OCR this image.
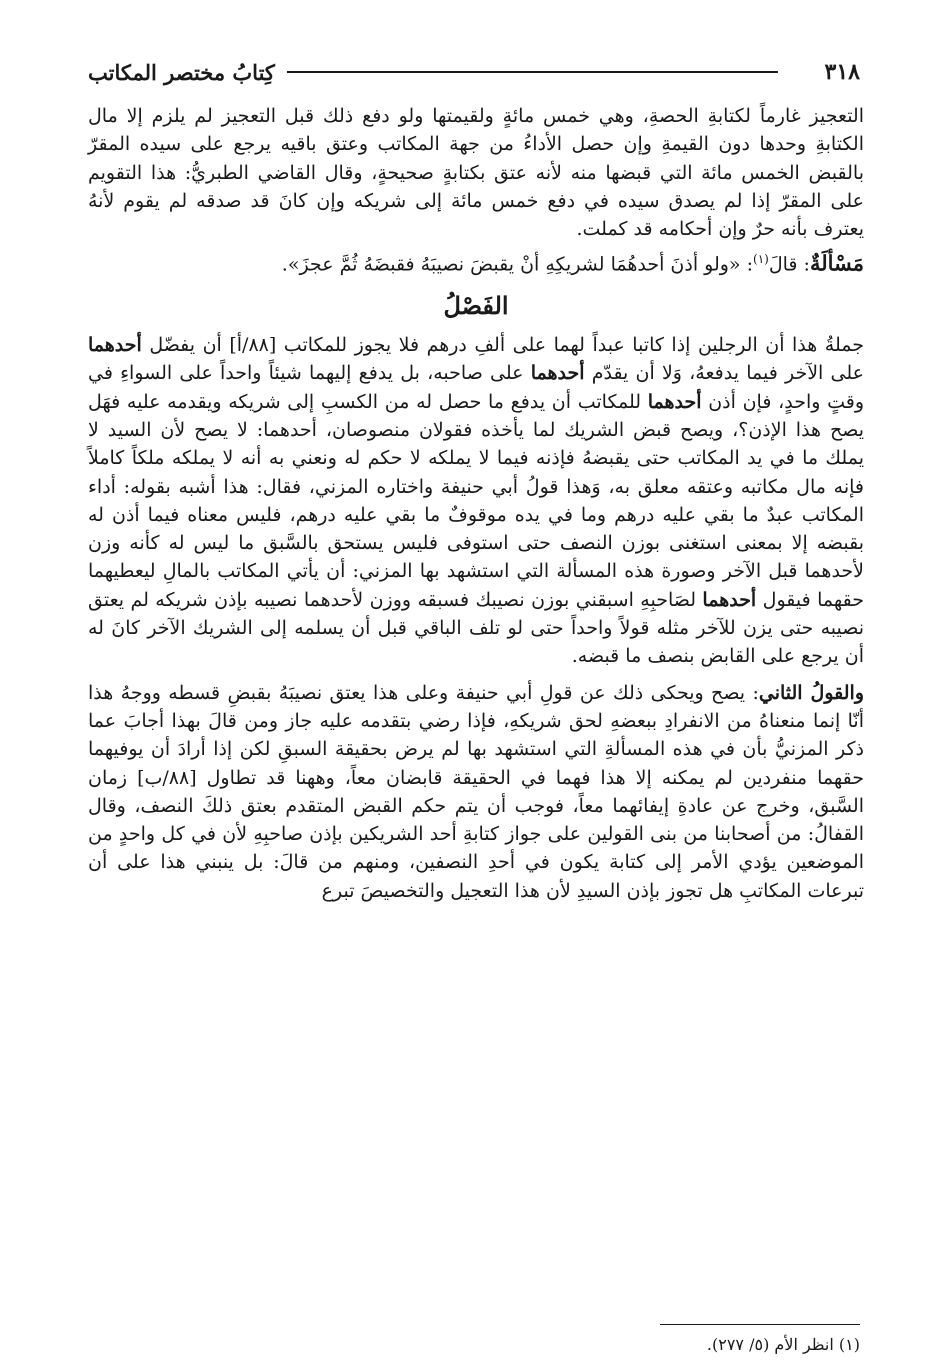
٣١٨
كِتابُ مختصر المكاتب

التعجيز غارماً لكتابةِ الحصةِ، وهي خمس مائةٍ ولقيمتها ولو دفع ذلك قبل التعجيز لم يلزم إلا مال الكتابةِ وحدها دون القيمةِ وإن حصل الأداءُ من جهة المكاتب وعتق باقيه يرجع على سيده المقرّ بالقبض الخمس مائة التي قبضها منه لأنه عتق بكتابةٍ صحيحةٍ، وقال القاضي الطبريُّ: هذا التقويم على المقرّ إذا لم يصدق سيده في دفع خمس مائة إلى شريكه وإن كانَ قد صدقه لم يقوم لأنهُ يعترف بأنه حرٌ وإن أحكامه قد كملت.

مَسْألَةٌ: قالَ$^{(١)}$: «ولو أذنَ أحدهُمَا لشريكِهِ أنْ يقبضَ نصيبَهُ فقبضَهُ ثُمَّ عجزَ».

الفَصْلُ

جملةُ هذا أن الرجلين إذا كاتبا عبداً لهما على ألفِ درهم فلا يجوز للمكاتب [٨٨/أ] أن يفضّل أحدهما على الآخر فيما يدفعهُ، وَلا أن يقدّم أحدهما على صاحبه، بل يدفع إليهما شيئاً واحداً على السواءِ في وقتٍ واحدٍ، فإن أذن أحدهما للمكاتب أن يدفع ما حصل له من الكسبِ إلى شريكه ويقدمه عليه فهَل يصح هذا الإذن؟، ويصح قبض الشريك لما يأخذه فقولان منصوصان، أحدهما: لا يصح لأن السيد لا يملك ما في يد المكاتب حتى يقبضهُ فإذنه فيما لا يملكه لا حكم له ونعني به أنه لا يملكه ملكاً كاملاً فإنه مال مكاتبه وعتقه معلق به، وَهذا قولُ أبي حنيفة واختاره المزني، فقال: هذا أشبه بقوله: أداء المكاتب عبدٌ ما بقي عليه درهم وما في يده موقوفٌ ما بقي عليه درهم، فليس معناه فيما أذن له بقبضه إلا بمعنى استغنى بوزن النصف حتى استوفى فليس يستحق بالسَّبق ما ليس له كأنه وزن لأحدهما قبل الآخر وصورة هذه المسألة التي استشهد بها المزني: أن يأتي المكاتب بالمالِ ليعطيهما حقهما فيقول أحدهما لصَاحبِهِ اسبقني بوزن نصيبك فسبقه ووزن لأحدهما نصيبه بإذن شريكه لم يعتق نصيبه حتى يزن للآخر مثله قولاً واحداً حتى لو تلف الباقي قبل أن يسلمه إلى الشريك الآخر كانَ له أن يرجع على القابض بنصف ما قبضه.

والقولُ الثاني: يصح ويحكى ذلك عن قولِ أبي حنيفة وعلى هذا يعتق نصيبَهُ بقبضِ قسطه ووجهُ هذا أنّا إنما منعناهُ من الانفرادِ ببعضهِ لحق شريكهِ، فإذا رضي بتقدمه عليه جاز ومن قالَ بهذا أجابَ عما ذكر المزنيُّ بأن في هذه المسألةِ التي استشهد بها لم يرض بحقيقة السبقِ لكن إذا أرادَ أن يوفيهما حقهما منفردين لم يمكنه إلا هذا فهما في الحقيقة قابضان معاً، وههنا قد تطاول [٨٨/ب] زمان السَّبق، وخرج عن عادةِ إيفائهما معاً، فوجب أن يتم حكم القبض المتقدم بعتق ذلكَ النصف، وقال القفالُ: من أصحابنا من بنى القولين على جواز كتابةِ أحد الشريكين بإذن صاحبِهِ لأن في كل واحدٍ من الموضعين يؤدي الأمر إلى كتابة يكون في أحدِ النصفين، ومنهم من قالَ: بل ينبني هذا على أن تبرعات المكاتبِ هل تجوز بإذن السيدِ لأن هذا التعجيل والتخصيصَ تبرع

(١) انظر الأم (٥/ ٢٧٧).
